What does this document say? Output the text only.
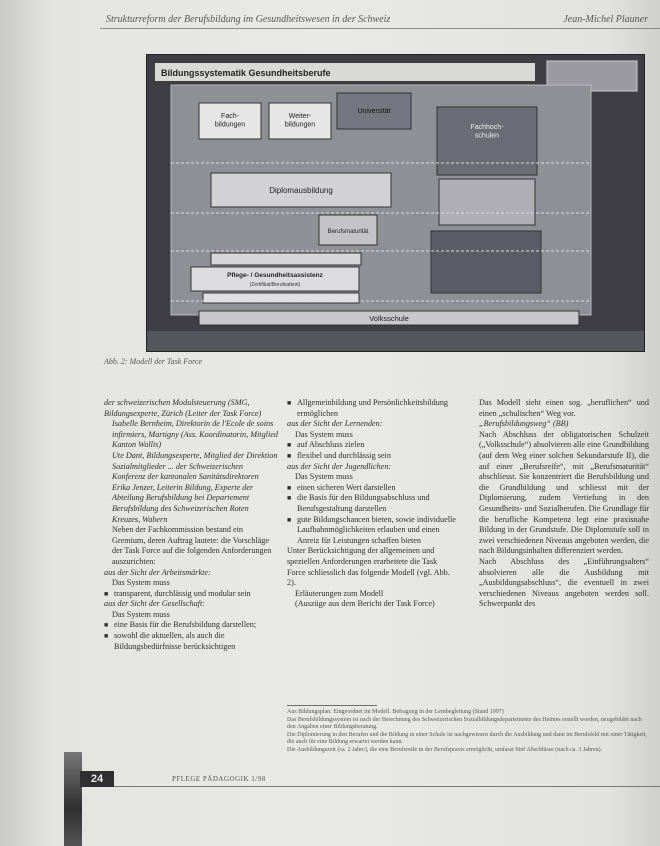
Strukturreform der Berufsbildung im Gesundheitswesen in der Schweiz	Jean-Michel Plauner
Bildungssystematik Gesundheitsberufe
Fach-bildungen
Weiter-bildungen
Universität
Fachhoch-schulen
Diplomausbildung
Berufsmaturität
Pflege- / Gesundheitsassistenz
(Zertifikat/Berufsattest)
Volksschule
Abb. 2: Modell der Task Force

der schweizerischen Modulsteuerung (SMG, Bildungsexperte, Zürich (Leiter der Task Force)

Isabelle Bernheim, Direktorin de l'Ecole de soins infirmiers, Martigny (Ass. Koordinatorin, Mitglied Kanton Wallis)

Ute Dant, Bildungsexperte, Mitglied der Direktion Sozialmitglieder ... der Schweizerischen Konferenz der kantonalen Sanitätsdirektoren

Erika Jenzer, Leiterin Bildung, Experte der Abteilung Berufsbildung bei Departement Berufsbildung des Schweizerischen Roten Kreuzes, Wabern

Neben der Fachkommission bestand ein Gremium, deren Auftrag lautete: die Vorschläge der Task Force auf die folgenden Anforderungen auszurichten:

aus der Sicht der Arbeitsmärkte:

Das System muss

■ transparent, durchlässig und modular sein

aus der Sicht der Gesellschaft:

Das System muss

■ eine Basis für die Berufsbildung darstellen;

■ sowohl die aktuellen, als auch die Bildungsbedürfnisse berücksichtigen

■ Allgemeinbildung und Persönlichkeitsbildung ermöglichen

aus der Sicht der Lernenden:

Das System muss

■ auf Abschluss zielen

■ flexibel und durchlässig sein

aus der Sicht der Jugendlichen:

Das System muss

■ einen sicheren Wert darstellen

■ die Basis für den Bildungsabschluss und Berufsgestaltung darstellen

■ gute Bildungschancen bieten, sowie individuelle Laufbahnmöglichkeiten erlauben und einen Anreiz für Leistungen schaffen bieten

Unter Berücksichtigung der allgemeinen und speziellen Anforderungen erarbeitete die Task Force schliesslich das folgende Modell (vgl. Abb. 2).

Erläuterungen zum Modell

(Auszüge aus dem Bericht der Task Force)

Das Modell sieht einen sog. „beruflichen“ und einen „schulischen“ Weg vor.

„Berufsbildungsweg“ (BB)

Nach Abschluss der obligatorischen Schulzeit („Volksschule“) absolvieren alle eine Grundbildung (auf dem Weg einer solchen Sekundarstufe II), die auf einer „Berufsreife“, mit „Berufsmaturität“ abschliesst. Sie konzentriert die Berufsbildung und die Grundbildung und schliesst mit der Diplomierung, zudem Vertiefung in den Gesundheits- und Sozialberufen. Die Grundlage für die berufliche Kompetenz legt eine praxisnahe Bildung in der Grundstufe. Die Diplomstufe soll in zwei verschiedenen Niveaus angeboten werden, die nach Bildungsinhalten differenziert werden.

Nach Abschluss des „Einführungsalters“ absolvieren alle die Ausbildung mit „Ausbildungsabschluss“, die eventuell in zwei verschiedenen Niveaus angeboten werden soll. Schwerpunkt des

Aus Bildungsplan: Eingeordnet im Modell. Befragung in der Lernbegleitung (Stand 1997)

Das Berufsbildungssystem ist nach der Berechnung des Schweizerischen Sozialbildungsdepartements des Heimes erstellt worden, neugebildet nach den Angaben einer Bildungsberatung.

Die Diplomierung in den Berufen und die Bildung in einer Schule ist nachgewiesen durch die Ausbildung und dann im Berufsfeld mit einer Tätigkeit, die auch für eine Bildung erwartet werden kann.

Die Ausbildungszeit (ca. 2 Jahre), die eine Berufsreife in der Berufspraxis ermöglicht, umfasst fünf Abschlüsse (nach ca. 3 Jahren).

24	PFLEGE PÄDAGOGIK 1/98
